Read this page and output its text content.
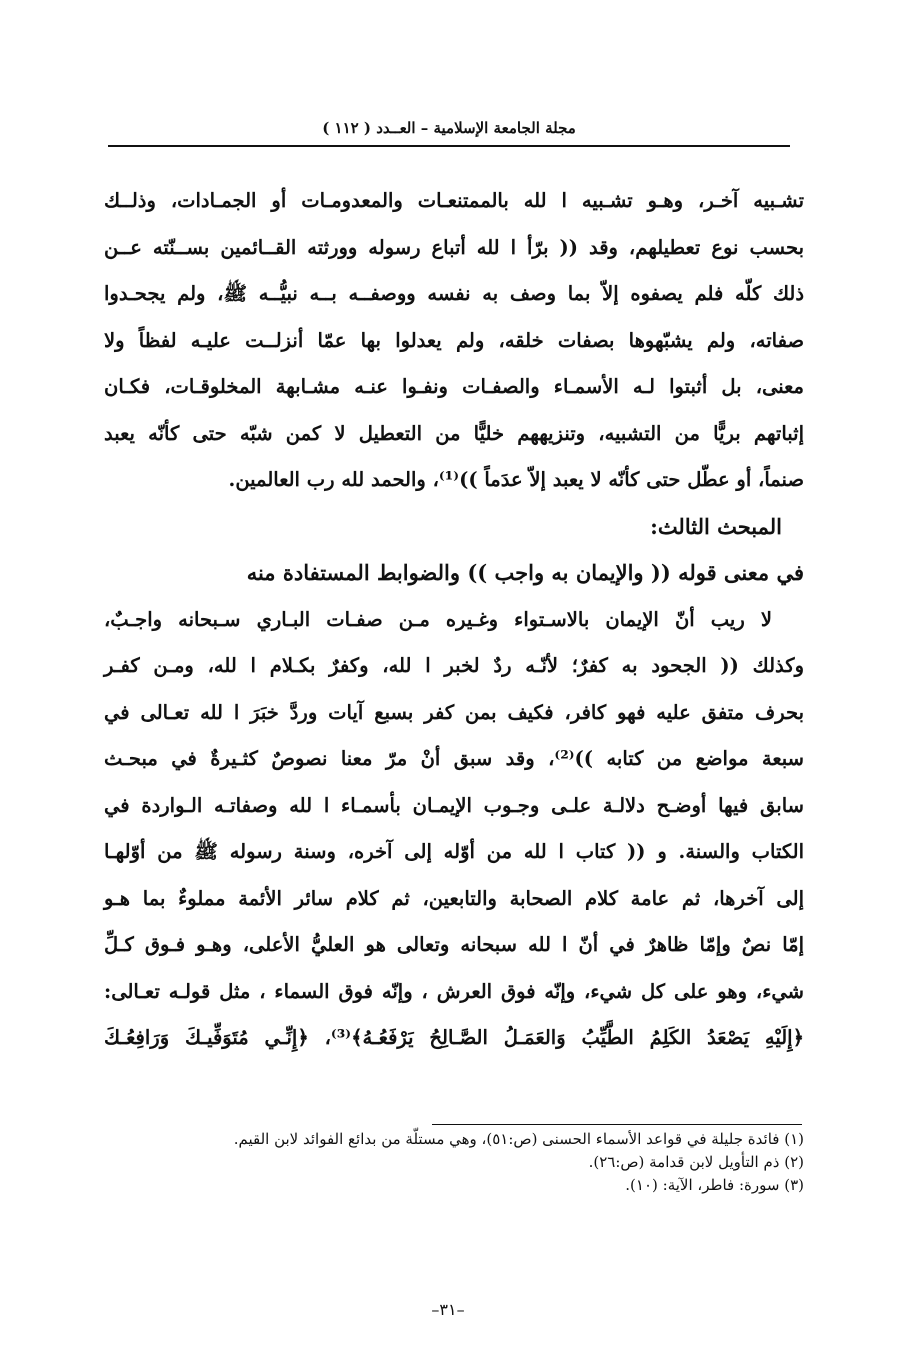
مجلة الجامعة الإسلامية – العــدد ( ١١٢ )
تشـبيه آخـر، وهـو تشـبيه ا لله بالممتنعـات والمعدومـات أو الجمـادات، وذلــك
بحسب نوع تعطيلهم، وقد (( برّأ ا لله أتباع رسوله وورثته القــائمين بســنّته عــن
ذلك كلّه فلم يصفوه إلاّ بما وصف به نفسه ووصفــه بــه نبيُّــه ﷺ، ولم يجحـدوا
صفاته، ولم يشبّهوها بصفات خلقه، ولم يعدلوا بها عمّا أنزلــت عليـه لفظاً ولا
معنى، بل أثبتوا لـه الأسمـاء والصفـات ونفـوا عنـه مشـابهة المخلوقـات، فكـان
إثباتهم بريًّا من التشبيه، وتنزيههم خليًّا من التعطيل لا كمن شبّه حتى كأنّه يعبد
صنماً، أو عطّل حتى كأنّه لا يعبد إلاّ عدَماً ))⁽¹⁾، والحمد لله رب العالمين.
المبحث الثالث:
في معنى قوله (( والإيمان به واجب )) والضوابط المستفادة منه
لا ريب أنّ الإيمان بالاسـتواء وغـيره مـن صفـات البـاري سـبحانه واجـبٌ،
وكذلك (( الجحود به كفرٌ؛ لأنّـه ردٌ لخبر ا لله، وكفرٌ بكـلام ا لله، ومـن كفـر
بحرف متفق عليه فهو كافر، فكيف بمن كفر بسبع آيات وردَّ خبَرَ ا لله تعـالى في
سبعة مواضع من كتابه ))⁽²⁾، وقد سبق أنْ مرّ معنا نصوصٌ كثـيرةٌ في مبحـث
سابق فيها أوضـح دلالـة علـى وجـوب الإيمـان بأسمـاء ا لله وصفاتـه الـواردة في
الكتاب والسنة. و (( كتاب ا لله من أوّله إلى آخره، وسنة رسوله ﷺ من أوّلهـا
إلى آخرها، ثم عامة كلام الصحابة والتابعين، ثم كلام سائر الأئمة مملوءٌ بما هـو
إمّا نصٌ وإمّا ظاهرٌ في أنّ ا لله سبحانه وتعالى هو العليُّ الأعلى، وهـو فـوق كـلِّ
شيء، وهو على كل شيء، وإنّه فوق العرش ، وإنّه فوق السماء ، مثل قولـه تعـالى:
﴿إِلَيْهِ يَصْعَدُ الكَلِمُ الطَّيِّبُ وَالعَمَـلُ الصَّـالِحُ يَرْفَعُـهُ﴾⁽³⁾، ﴿إِنِّـي مُتَوَفِّيـكَ وَرَافِعُـكَ
(١) فائدة جليلة في قواعد الأسماء الحسنى (ص:٥١)، وهي مستلّة من بدائع الفوائد لابن القيم.
(٢) ذم التأويل لابن قدامة (ص:٢٦).
(٣) سورة: فاطر، الآية: (١٠).
–٣١–
